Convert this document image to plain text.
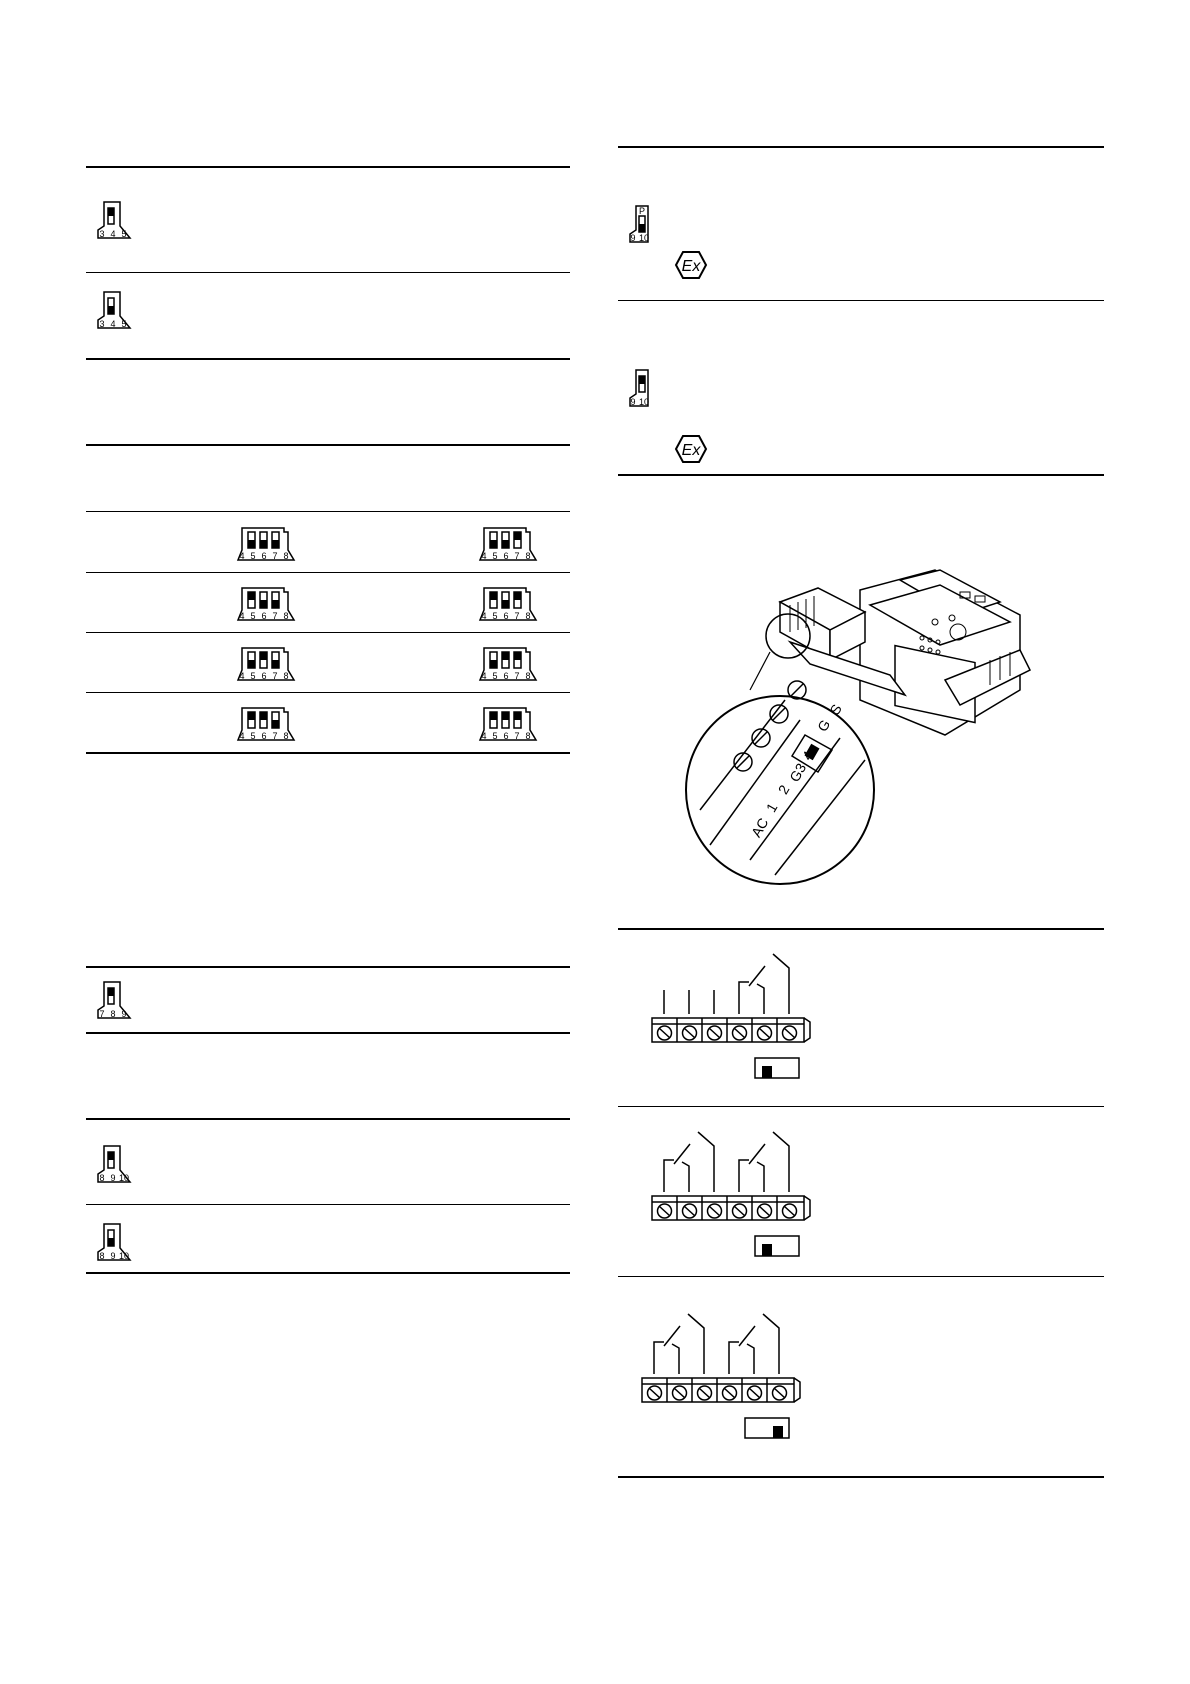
3 4 5
3 4 5
4 5 6 7 8	4 5 6 7 8
4 5 6 7 8	4 5 6 7 8
4 5 6 7 8	4 5 6 7 8
4 5 6 7 8	4 5 6 7 8
7 8 9
8 9 10
8 9 10
P
9 10
Ex
9 10
Ex
AC
1
2
G3
4
G
S
